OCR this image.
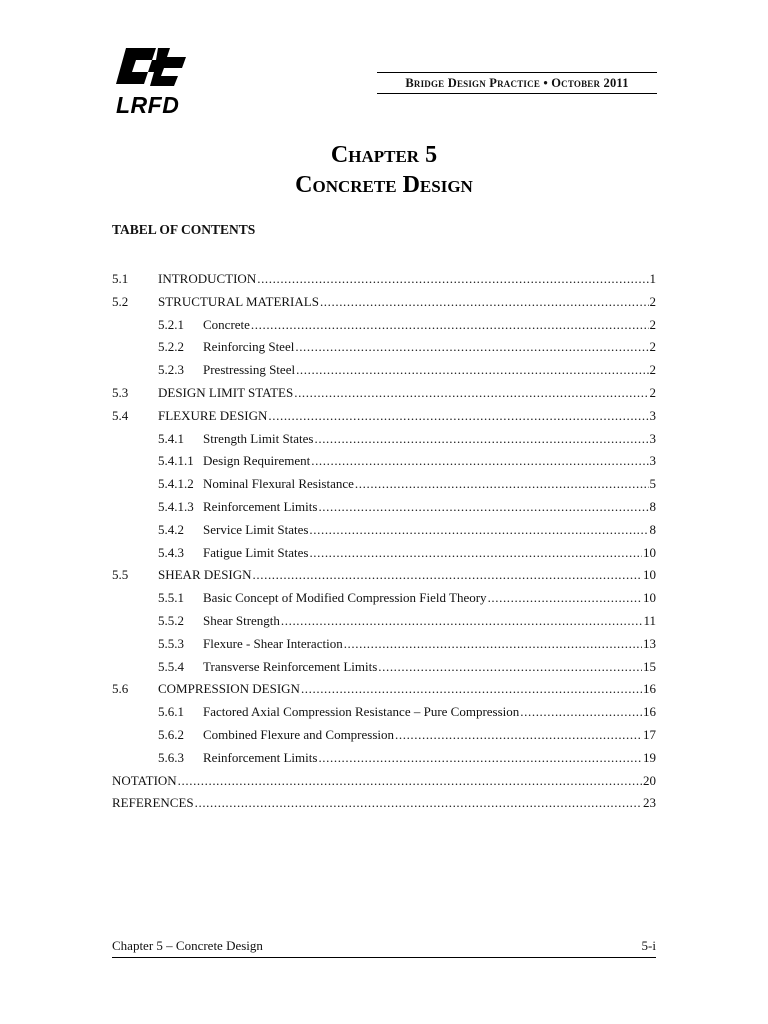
LRFD
Bridge Design Practice • October 2011
Chapter 5
Concrete Design
TABEL OF CONTENTS
5.1	INTRODUCTION .....	1
5.2	STRUCTURAL MATERIALS .....	2
5.2.1	Concrete .....	2
5.2.2	Reinforcing Steel .....	2
5.2.3	Prestressing Steel .....	2
5.3	DESIGN LIMIT STATES .....	2
5.4	FLEXURE DESIGN .....	3
5.4.1	Strength Limit States .....	3
5.4.1.1 Design Requirement .....	3
5.4.1.2 Nominal Flexural Resistance .....	5
5.4.1.3 Reinforcement Limits .....	8
5.4.2	Service Limit States .....	8
5.4.3	Fatigue Limit States .....	10
5.5	SHEAR DESIGN .....	10
5.5.1	Basic Concept of Modified Compression Field Theory .....	10
5.5.2	Shear Strength .....	11
5.5.3	Flexure - Shear Interaction .....	13
5.5.4	Transverse Reinforcement Limits .....	15
5.6	COMPRESSION DESIGN .....	16
5.6.1	Factored Axial Compression Resistance – Pure Compression .....	16
5.6.2	Combined Flexure and Compression .....	17
5.6.3	Reinforcement Limits .....	19
NOTATION .....	20
REFERENCES .....	23
Chapter 5 – Concrete Design	5-i
